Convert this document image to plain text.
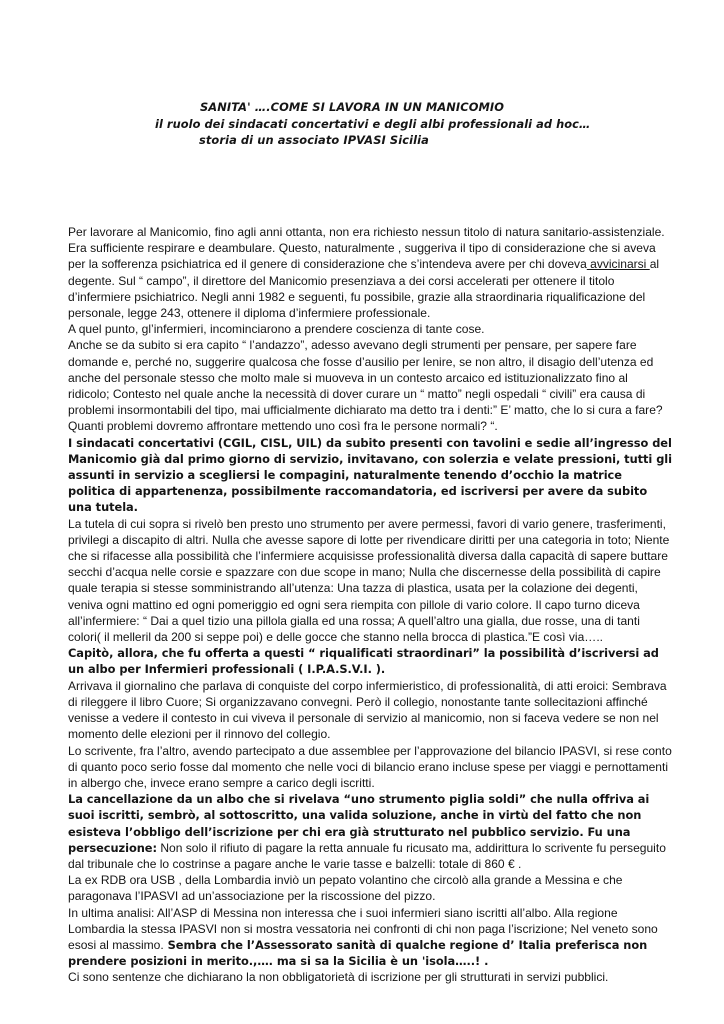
SANITA' ….COME SI LAVORA IN UN MANICOMIO
il ruolo dei sindacati concertativi e degli albi professionali ad hoc…
storia di un associato IPVASI Sicilia

Per lavorare al Manicomio, fino agli anni ottanta, non era richiesto nessun titolo di natura sanitario-assistenziale. Era sufficiente respirare e deambulare. Questo, naturalmente , suggeriva il tipo di considerazione che si aveva per la sofferenza psichiatrica ed il genere di considerazione che s’intendeva avere per chi doveva avvicinarsi al degente. Sul “ campo”, il direttore del Manicomio presenziava a dei corsi accelerati per ottenere il titolo d’infermiere psichiatrico. Negli anni 1982 e seguenti, fu possibile, grazie alla straordinaria riqualificazione del personale, legge 243, ottenere il diploma d’infermiere professionale.

A quel punto, gl’infermieri, incominciarono a prendere coscienza di tante cose.

Anche se da subito si era capito “ l’andazzo”, adesso avevano degli strumenti per pensare, per sapere fare domande e, perché no, suggerire qualcosa che fosse d’ausilio per lenire, se non altro, il disagio dell’utenza ed anche del personale stesso che molto male si muoveva in un contesto arcaico ed istituzionalizzato fino al ridicolo; Contesto nel quale anche la necessità di dover curare un “ matto” negli ospedali “ civili” era causa di problemi insormontabili del tipo, mai ufficialmente dichiarato ma detto tra i denti:” E’ matto, che lo si cura a fare? Quanti problemi dovremo affrontare mettendo uno così fra le persone normali? “.

I sindacati concertativi (CGIL, CISL, UIL) da subito presenti con tavolini e sedie all’ingresso del Manicomio già dal primo giorno di servizio, invitavano, con solerzia e velate pressioni, tutti gli assunti in servizio a scegliersi le compagini, naturalmente tenendo d’occhio la matrice politica di appartenenza, possibilmente raccomandatoria, ed iscriversi per avere da subito una tutela.

La tutela di cui sopra si rivelò ben presto uno strumento per avere permessi, favori di vario genere, trasferimenti, privilegi a discapito di altri. Nulla che avesse sapore di lotte per rivendicare diritti per una categoria in toto; Niente che si rifacesse alla possibilità che l’infermiere acquisisse professionalità diversa dalla capacità di sapere buttare secchi d’acqua nelle corsie e spazzare con due scope in mano; Nulla che discernesse della possibilità di capire quale terapia si stesse somministrando all’utenza: Una tazza di plastica, usata per la colazione dei degenti, veniva ogni mattino ed ogni pomeriggio ed ogni sera riempita con pillole di vario colore. Il capo turno diceva all’infermiere: “ Dai a quel tizio una pillola gialla ed una rossa; A quell’altro una gialla, due rosse, una di tanti colori( il melleril da 200 si seppe poi) e delle gocce che stanno nella brocca di plastica.”E così via…..

Capitò, allora, che fu offerta a questi “ riqualificati straordinari” la possibilità d’iscriversi ad un albo per Infermieri professionali ( I.P.A.S.V.I. ).

Arrivava il giornalino che parlava di conquiste del corpo infermieristico, di professionalità, di atti eroici: Sembrava di rileggere il libro Cuore; Si organizzavano convegni. Però il collegio, nonostante tante sollecitazioni affinché venisse a vedere il contesto in cui viveva il personale di servizio al manicomio, non si faceva vedere se non nel momento delle elezioni per il rinnovo del collegio.

Lo scrivente, fra l’altro, avendo partecipato a due assemblee per l’approvazione del bilancio IPASVI, si rese conto di quanto poco serio fosse dal momento che nelle voci di bilancio erano incluse spese per viaggi e pernottamenti in albergo che, invece erano sempre a carico degli iscritti.

La cancellazione da un albo che si rivelava “uno strumento piglia soldi” che nulla offriva ai suoi iscritti, sembrò, al sottoscritto, una valida soluzione, anche in virtù del fatto che non esisteva l’obbligo dell’iscrizione per chi era già strutturato nel pubblico servizio. Fu una persecuzione: Non solo il rifiuto di pagare la retta annuale fu ricusato ma, addirittura lo scrivente fu perseguito dal tribunale che lo costrinse a pagare anche le varie tasse e balzelli: totale di 860 € .

La ex RDB ora USB , della Lombardia inviò un pepato volantino che circolò alla grande a Messina e che paragonava l’IPASVI ad un’associazione per la riscossione del pizzo.

In ultima analisi: All’ASP di Messina non interessa che i suoi infermieri siano iscritti all’albo. Alla regione Lombardia la stessa IPASVI non si mostra vessatoria nei confronti di chi non paga l’iscrizione; Nel veneto sono esosi al massimo. Sembra che l’Assessorato sanità di qualche regione d’ Italia preferisca non prendere posizioni in merito.,…. ma si sa la Sicilia è un 'isola…..! .

Ci sono sentenze che dichiarano la non obbligatorietà di iscrizione per gli strutturati in servizi pubblici.
